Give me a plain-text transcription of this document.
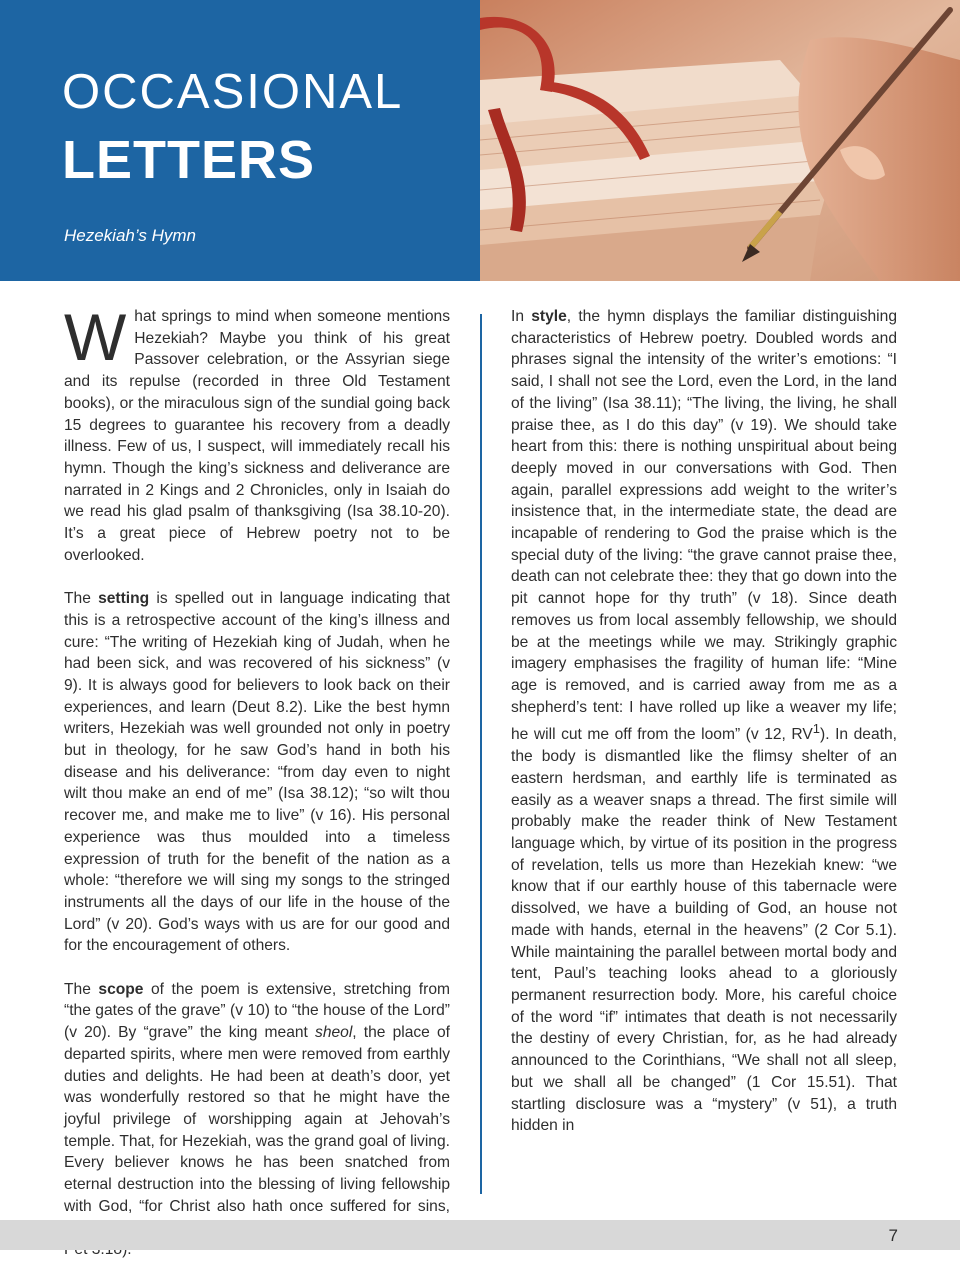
OCCASIONAL
LETTERS

Hezekiah’s Hymn

What springs to mind when someone mentions Hezekiah? Maybe you think of his great Passover celebration, or the Assyrian siege and its repulse (recorded in three Old Testament books), or the miraculous sign of the sundial going back 15 degrees to guarantee his recovery from a deadly illness. Few of us, I suspect, will immediately recall his hymn. Though the king’s sickness and deliverance are narrated in 2 Kings and 2 Chronicles, only in Isaiah do we read his glad psalm of thanksgiving (Isa 38.10-20). It’s a great piece of Hebrew poetry not to be overlooked.

The setting is spelled out in language indicating that this is a retrospective account of the king’s illness and cure: “The writing of Hezekiah king of Judah, when he had been sick, and was recovered of his sickness” (v 9). It is always good for believers to look back on their experiences, and learn (Deut 8.2). Like the best hymn writers, Hezekiah was well grounded not only in poetry but in theology, for he saw God’s hand in both his disease and his deliverance: “from day even to night wilt thou make an end of me” (Isa 38.12); “so wilt thou recover me, and make me to live” (v 16). His personal experience was thus moulded into a timeless expression of truth for the benefit of the nation as a whole: “therefore we will sing my songs to the stringed instruments all the days of our life in the house of the Lord” (v 20). God’s ways with us are for our good and for the encouragement of others.

The scope of the poem is extensive, stretching from “the gates of the grave” (v 10) to “the house of the Lord” (v 20). By “grave” the king meant sheol, the place of departed spirits, where men were removed from earthly duties and delights. He had been at death’s door, yet was wonderfully restored so that he might have the joyful privilege of worshipping again at Jehovah’s temple. That, for Hezekiah, was the grand goal of living. Every believer knows he has been snatched from eternal destruction into the blessing of living fellowship with God, “for Christ also hath once suffered for sins,

In style, the hymn displays the familiar distinguishing characteristics of Hebrew poetry. Doubled words and phrases signal the intensity of the writer’s emotions: “I said, I shall not see the Lord, even the Lord, in the land of the living” (Isa 38.11); “The living, the living, he shall praise thee, as I do this day” (v 19). We should take heart from this: there is nothing unspiritual about being deeply moved in our conversations with God. Then again, parallel expressions add weight to the writer’s insistence that, in the intermediate state, the dead are incapable of rendering to God the praise which is the special duty of the living: “the grave cannot praise thee, death can not celebrate thee: they that go down into the pit cannot hope for thy truth” (v 18). Since death removes us from local assembly fellowship, we should be at the meetings while we may. Strikingly graphic imagery emphasises the fragility of human life: “Mine age is removed, and is carried away from me as a shepherd’s tent: I have rolled up like a weaver my life; he will cut me off from the loom” (v 12, $RV^1$). In death, the body is dismantled like the flimsy shelter of an eastern herdsman, and earthly life is terminated as easily as a weaver snaps a thread. The first simile will probably make the reader think of New Testament language which, by virtue of its position in the progress of revelation, tells us more than Hezekiah knew: “we know that if our earthly house of this tabernacle were dissolved, we have a building of God, an house not made with hands, eternal in the heavens” (2 Cor 5.1). While maintaining the parallel between mortal body and tent, Paul’s teaching looks ahead to a gloriously permanent resurrection body. More, his careful choice of the word “if” intimates that death is not necessarily the destiny of every Christian, for, as he had already announced to the Corinthians, “We shall not all sleep, but we shall all be changed” (1 Cor 15.51). That startling disclosure was a “mystery” (v 51), a truth hidden in

7
